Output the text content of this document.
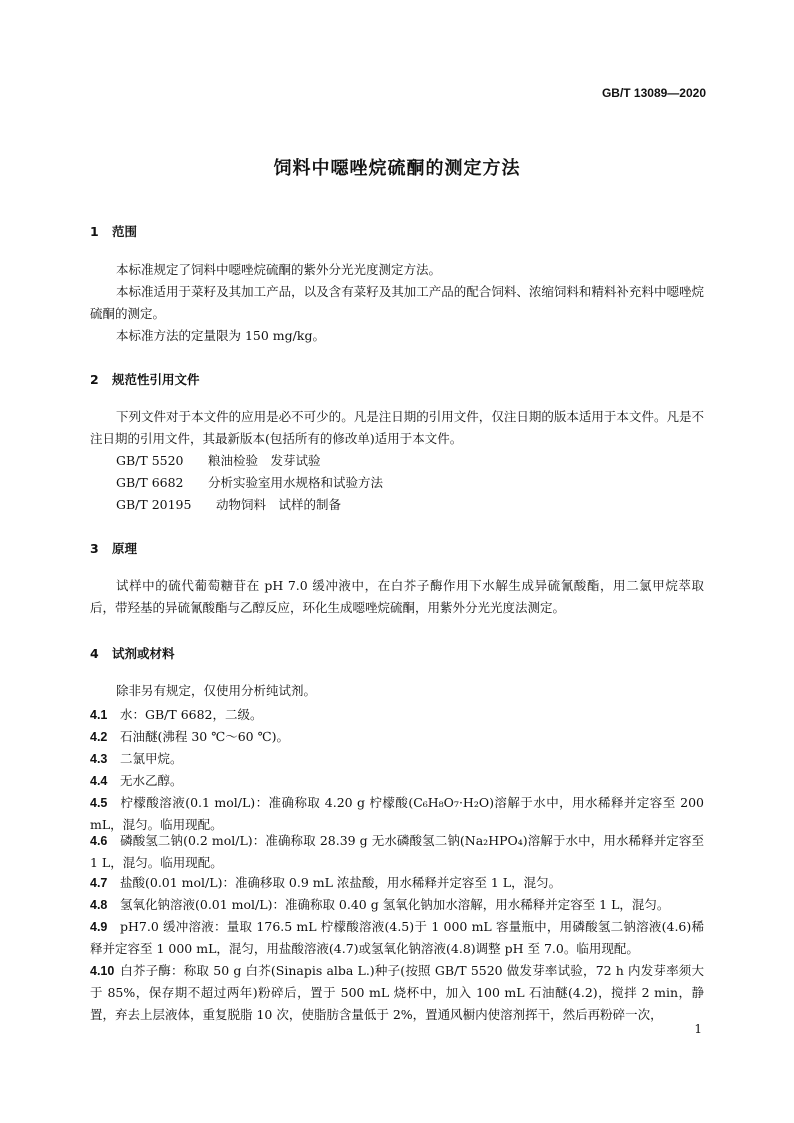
GB/T 13089—2020
饲料中噁唑烷硫酮的测定方法
1 范围
本标准规定了饲料中噁唑烷硫酮的紫外分光光度测定方法。
本标准适用于菜籽及其加工产品，以及含有菜籽及其加工产品的配合饲料、浓缩饲料和精料补充料中噁唑烷硫酮的测定。
本标准方法的定量限为 150 mg/kg。
2 规范性引用文件
下列文件对于本文件的应用是必不可少的。凡是注日期的引用文件，仅注日期的版本适用于本文件。凡是不注日期的引用文件，其最新版本(包括所有的修改单)适用于本文件。
GB/T 5520 粮油检验　发芽试验
GB/T 6682 分析实验室用水规格和试验方法
GB/T 20195 动物饲料　试样的制备
3 原理
试样中的硫代葡萄糖苷在 pH 7.0 缓冲液中，在白芥子酶作用下水解生成异硫氰酸酯，用二氯甲烷萃取后，带羟基的异硫氰酸酯与乙醇反应，环化生成噁唑烷硫酮，用紫外分光光度法测定。
4 试剂或材料
除非另有规定，仅使用分析纯试剂。
4.1 水：GB/T 6682，二级。
4.2 石油醚(沸程 30 ℃～60 ℃)。
4.3 二氯甲烷。
4.4 无水乙醇。
4.5 柠檬酸溶液(0.1 mol/L)：准确称取 4.20 g 柠檬酸(C₆H₈O₇·H₂O)溶解于水中，用水稀释并定容至 200 mL，混匀。临用现配。
4.6 磷酸氢二钠(0.2 mol/L)：准确称取 28.39 g 无水磷酸氢二钠(Na₂HPO₄)溶解于水中，用水稀释并定容至 1 L，混匀。临用现配。
4.7 盐酸(0.01 mol/L)：准确移取 0.9 mL 浓盐酸，用水稀释并定容至 1 L，混匀。
4.8 氢氧化钠溶液(0.01 mol/L)：准确称取 0.40 g 氢氧化钠加水溶解，用水稀释并定容至 1 L，混匀。
4.9 pH7.0 缓冲溶液：量取 176.5 mL 柠檬酸溶液(4.5)于 1 000 mL 容量瓶中，用磷酸氢二钠溶液(4.6)稀释并定容至 1 000 mL，混匀，用盐酸溶液(4.7)或氢氧化钠溶液(4.8)调整 pH 至 7.0。临用现配。
4.10 白芥子酶：称取 50 g 白芥(Sinapis alba L.)种子(按照 GB/T 5520 做发芽率试验，72 h 内发芽率须大于 85%，保存期不超过两年)粉碎后，置于 500 mL 烧杯中，加入 100 mL 石油醚(4.2)，搅拌 2 min，静置，弃去上层液体，重复脱脂 10 次，使脂肪含量低于 2%，置通风橱内使溶剂挥干，然后再粉碎一次，
1
